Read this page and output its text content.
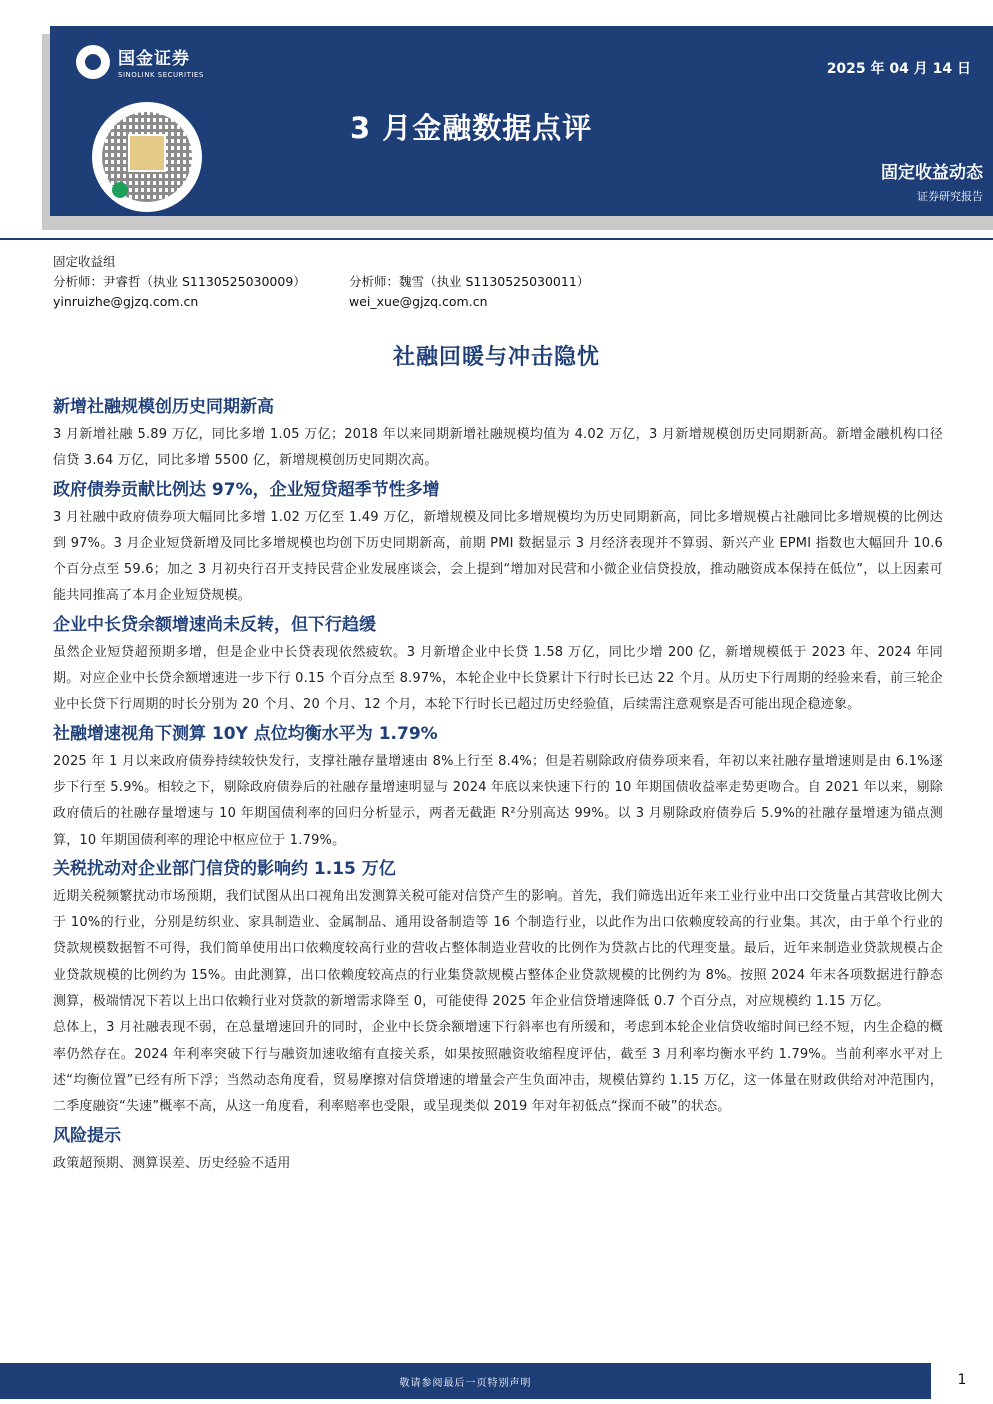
国金证券
SINOLINK SECURITIES	2025 年 04 月 14 日
3 月金融数据点评
固定收益动态
证券研究报告
固定收益组
分析师：尹睿哲（执业 S1130525030009）	分析师：魏雪（执业 S1130525030011）
yinruizhe@gjzq.com.cn	wei_xue@gjzq.com.cn
社融回暖与冲击隐忧
新增社融规模创历史同期新高

3 月新增社融 5.89 万亿，同比多增 1.05 万亿；2018 年以来同期新增社融规模均值为 4.02 万亿，3 月新增规模创历史同期新高。新增金融机构口径信贷 3.64 万亿，同比多增 5500 亿，新增规模创历史同期次高。

政府债券贡献比例达 97%，企业短贷超季节性多增

3 月社融中政府债券项大幅同比多增 1.02 万亿至 1.49 万亿，新增规模及同比多增规模均为历史同期新高，同比多增规模占社融同比多增规模的比例达到 97%。3 月企业短贷新增及同比多增规模也均创下历史同期新高，前期 PMI 数据显示 3 月经济表现并不算弱、新兴产业 EPMI 指数也大幅回升 10.6 个百分点至 59.6；加之 3 月初央行召开支持民营企业发展座谈会，会上提到“增加对民营和小微企业信贷投放，推动融资成本保持在低位”，以上因素可能共同推高了本月企业短贷规模。

企业中长贷余额增速尚未反转，但下行趋缓

虽然企业短贷超预期多增，但是企业中长贷表现依然疲软。3 月新增企业中长贷 1.58 万亿，同比少增 200 亿，新增规模低于 2023 年、2024 年同期。对应企业中长贷余额增速进一步下行 0.15 个百分点至 8.97%，本轮企业中长贷累计下行时长已达 22 个月。从历史下行周期的经验来看，前三轮企业中长贷下行周期的时长分别为 20 个月、20 个月、12 个月，本轮下行时长已超过历史经验值，后续需注意观察是否可能出现企稳迹象。

社融增速视角下测算 10Y 点位均衡水平为 1.79%

2025 年 1 月以来政府债券持续较快发行，支撑社融存量增速由 8%上行至 8.4%；但是若剔除政府债券项来看，年初以来社融存量增速则是由 6.1%逐步下行至 5.9%。相较之下，剔除政府债券后的社融存量增速明显与 2024 年底以来快速下行的 10 年期国债收益率走势更吻合。自 2021 年以来，剔除政府债后的社融存量增速与 10 年期国债利率的回归分析显示，两者无截距 R²分别高达 99%。以 3 月剔除政府债券后 5.9%的社融存量增速为锚点测算，10 年期国债利率的理论中枢应位于 1.79%。

关税扰动对企业部门信贷的影响约 1.15 万亿

近期关税频繁扰动市场预期，我们试图从出口视角出发测算关税可能对信贷产生的影响。首先，我们筛选出近年来工业行业中出口交货量占其营收比例大于 10%的行业，分别是纺织业、家具制造业、金属制品、通用设备制造等 16 个制造行业，以此作为出口依赖度较高的行业集。其次，由于单个行业的贷款规模数据暂不可得，我们简单使用出口依赖度较高行业的营收占整体制造业营收的比例作为贷款占比的代理变量。最后，近年来制造业贷款规模占企业贷款规模的比例约为 15%。由此测算，出口依赖度较高点的行业集贷款规模占整体企业贷款规模的比例约为 8%。按照 2024 年末各项数据进行静态测算，极端情况下若以上出口依赖行业对贷款的新增需求降至 0，可能使得 2025 年企业信贷增速降低 0.7 个百分点，对应规模约 1.15 万亿。

总体上，3 月社融表现不弱，在总量增速回升的同时，企业中长贷余额增速下行斜率也有所缓和，考虑到本轮企业信贷收缩时间已经不短，内生企稳的概率仍然存在。2024 年利率突破下行与融资加速收缩有直接关系，如果按照融资收缩程度评估，截至 3 月利率均衡水平约 1.79%。当前利率水平对上述“均衡位置”已经有所下浮；当然动态角度看，贸易摩擦对信贷增速的增量会产生负面冲击，规模估算约 1.15 万亿，这一体量在财政供给对冲范围内，二季度融资“失速”概率不高，从这一角度看，利率赔率也受限，或呈现类似 2019 年对年初低点“探而不破”的状态。

风险提示

政策超预期、测算误差、历史经验不适用

敬请参阅最后一页特别声明	1
